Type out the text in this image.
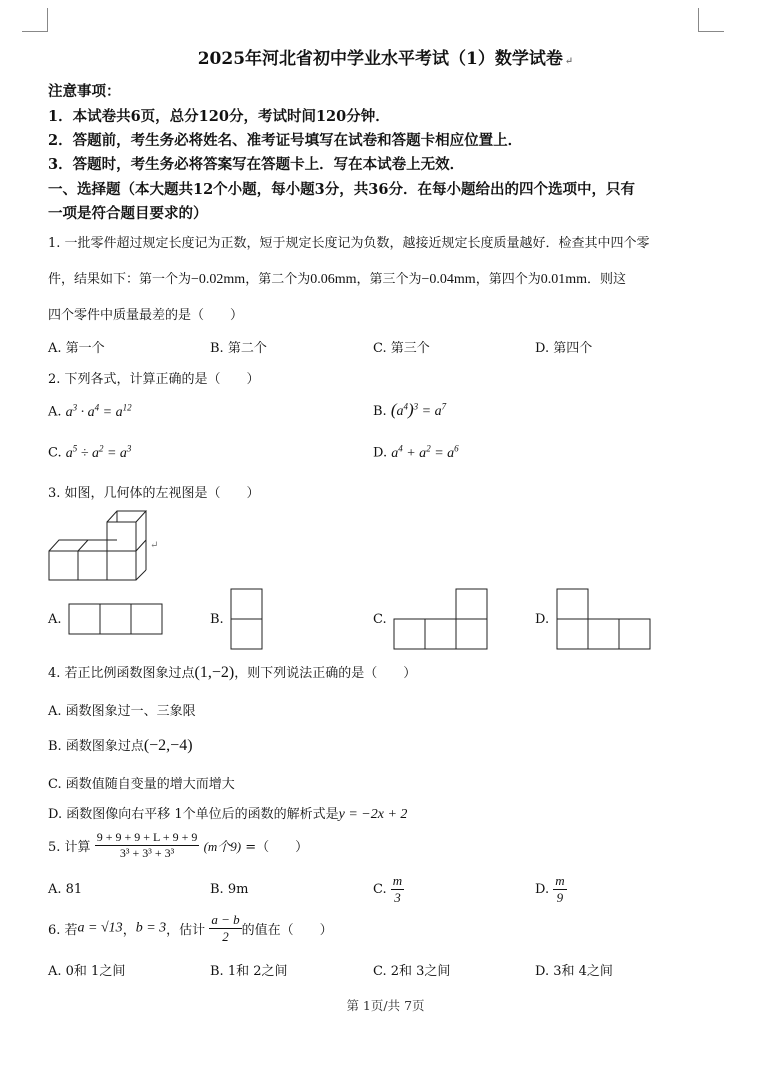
2025年河北省初中学业水平考试（1）数学试卷 ↵
注意事项：
1．本试卷共6页，总分120分，考试时间120分钟．
2．答题前，考生务必将姓名、准考证号填写在试卷和答题卡相应位置上．
3．答题时，考生务必将答案写在答题卡上．写在本试卷上无效．
一、选择题（本大题共12个小题，每小题3分，共36分．在每小题给出的四个选项中，只有
一项是符合题目要求的）
1. 一批零件超过规定长度记为正数，短于规定长度记为负数，越接近规定长度质量越好．检查其中四个零
件，结果如下：第一个为−0.02mm，第二个为0.06mm，第三个为−0.04mm，第四个为0.01mm．则这
四个零件中质量最差的是（　　）
A. 第一个	B. 第二个	C. 第三个	D. 第四个
2. 下列各式，计算正确的是（　　）
A. $a^3 \cdot a^4 = a^{12}$	B. $(a^4)^3 = a^7$
C. $a^5 \div a^2 = a^3$	D. $a^4 + a^2 = a^6$
3. 如图，几何体的左视图是（　　）
↵
A.	B.	C.	D.
4. 若正比例函数图象过点(1,−2)，则下列说法正确的是（　　）
A. 函数图象过一、三象限
B. 函数图象过点(−2,−4)
C. 函数值随自变量的增大而增大
D. 函数图像向右平移 1个单位后的函数的解析式是y = −2x + 2
5. 计算 $\frac{9 + 9 + 9 + L + 9 + 9}{\text{3³ + 3³ + 3³}} (m$个9) =（　　）
A. 81	B. 9m	C. $\frac{m}{3}$	D. $\frac{m}{9}$
6. 若a = √13，b = 3，估计 $\frac{a - b}{2}$ 的值在（　　）
A. 0和 1之间	B. 1和 2之间	C. 2和 3之间	D. 3和 4之间
第 1页/共 7页
